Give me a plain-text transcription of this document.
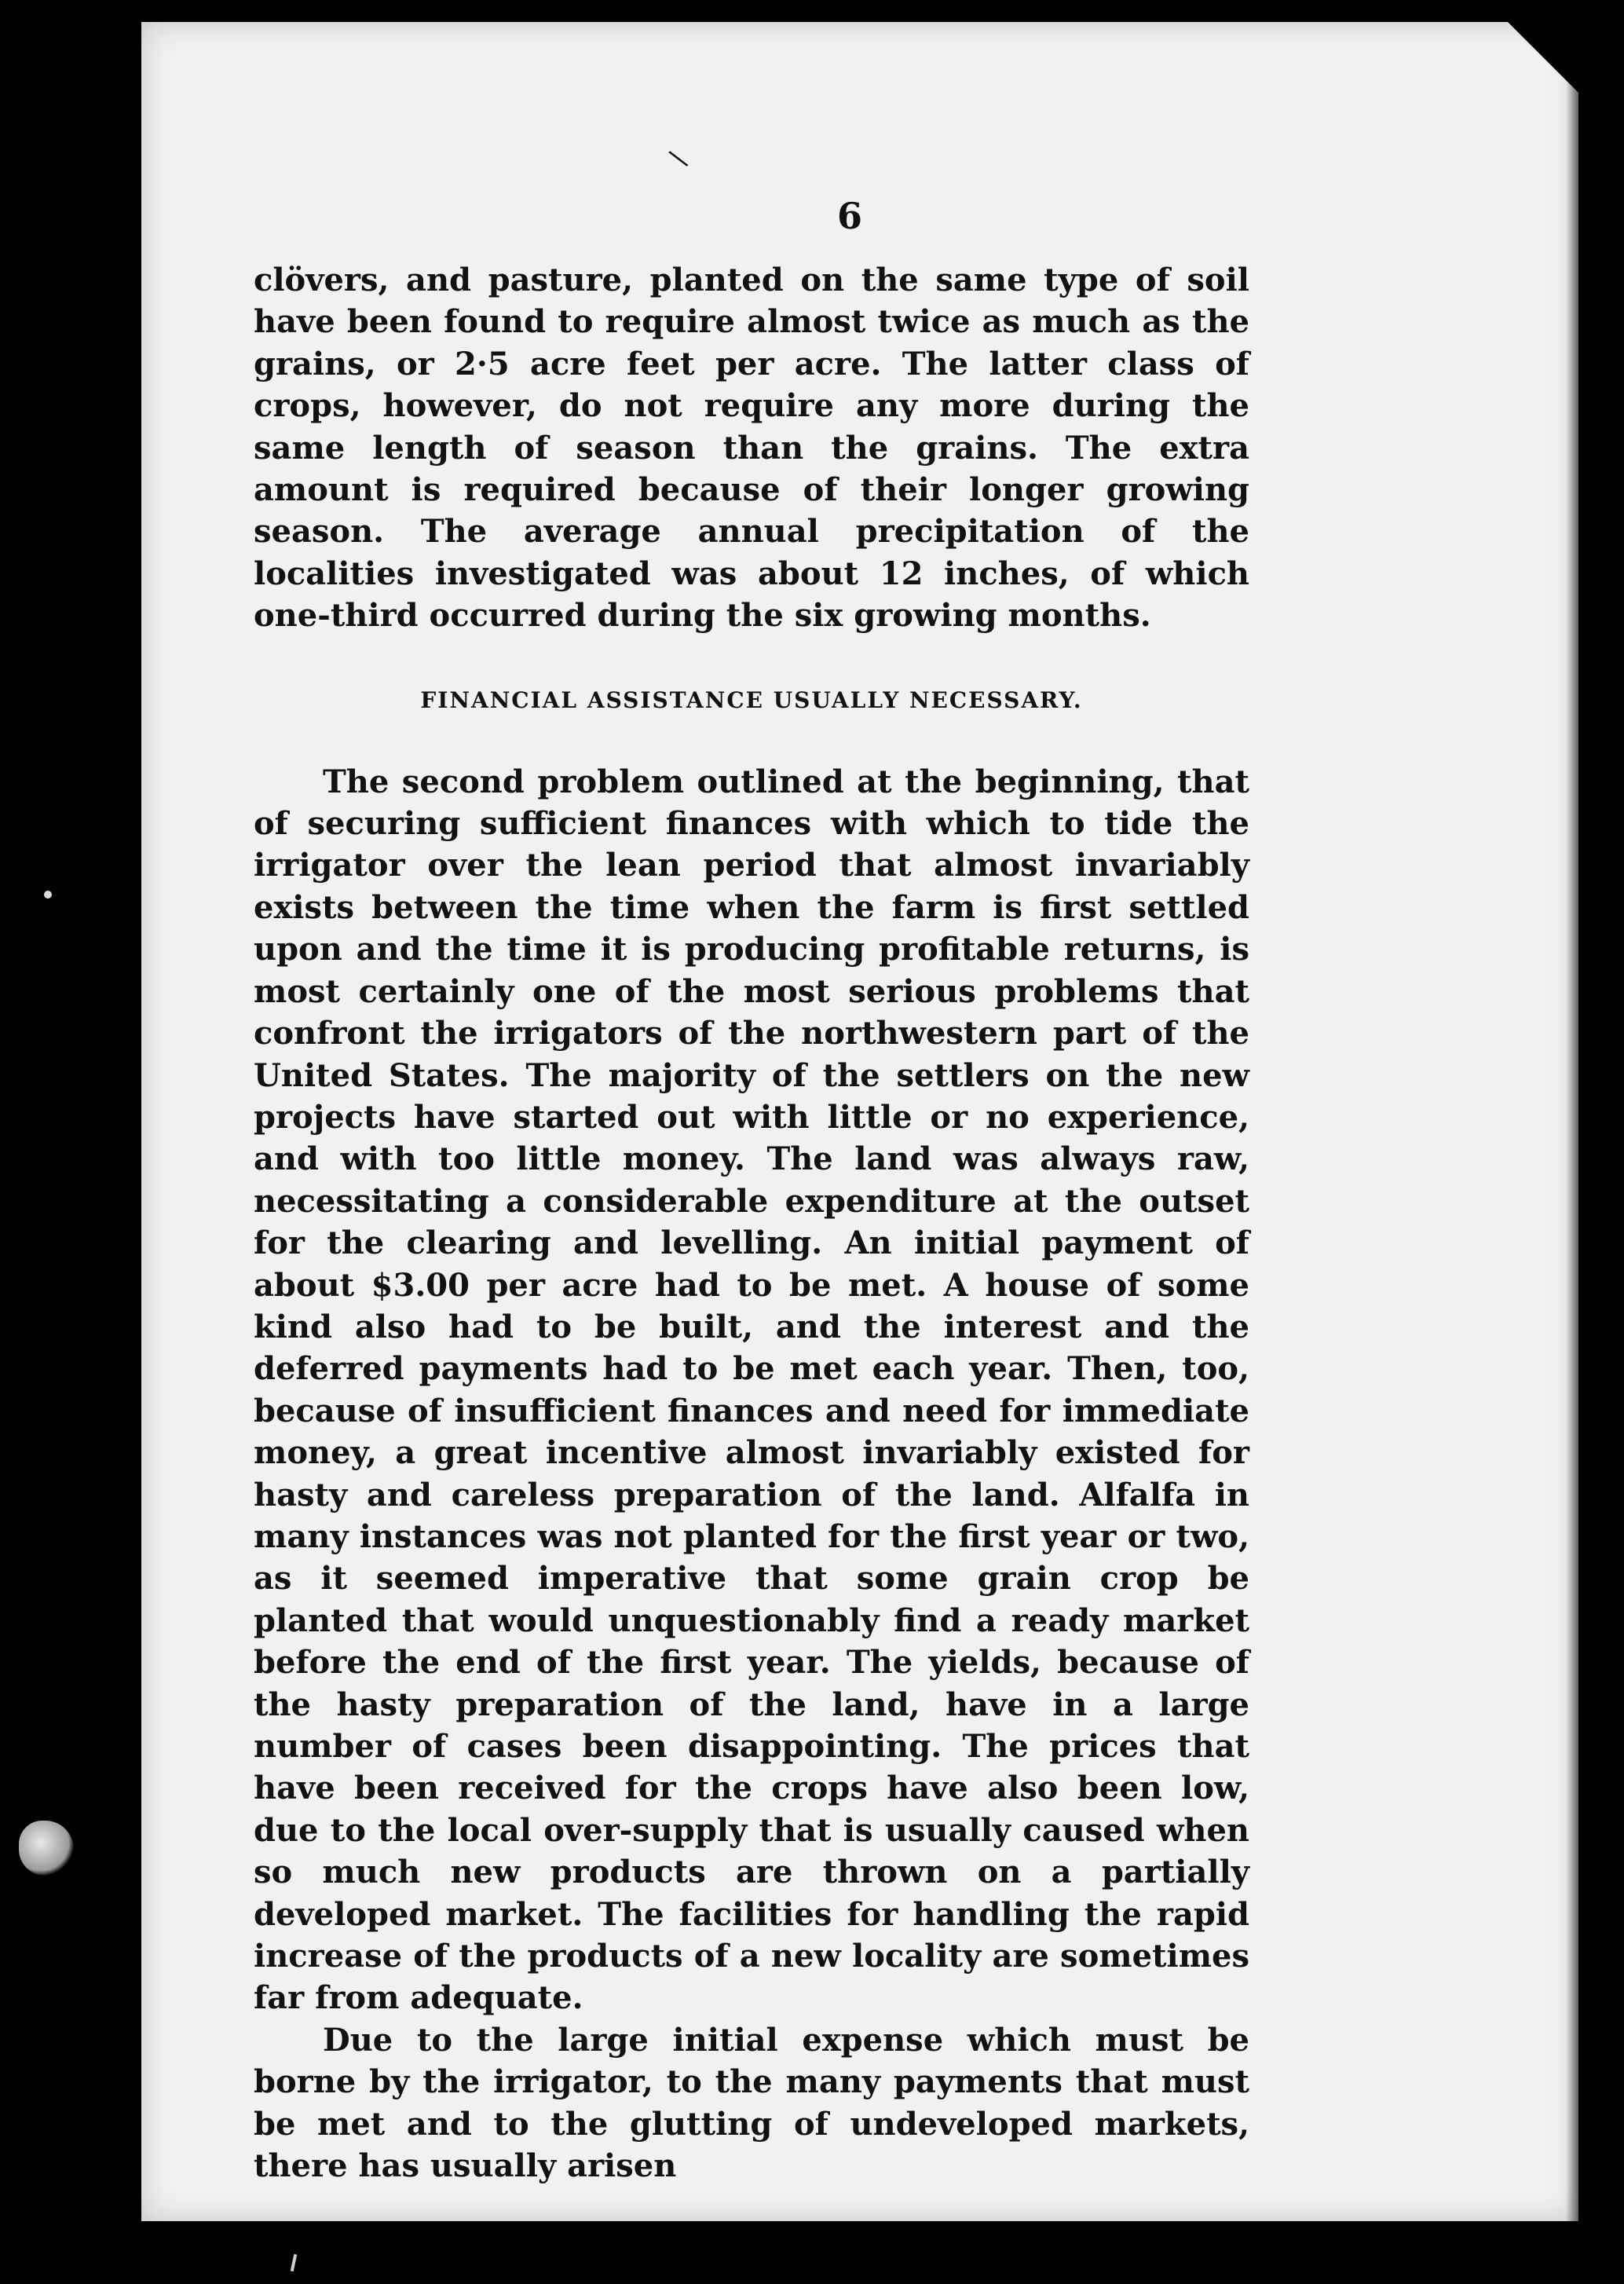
\
6

clövers, and pasture, planted on the same type of soil have been found to require almost twice as much as the grains, or 2·5 acre feet per acre. The latter class of crops, however, do not require any more during the same length of season than the grains. The extra amount is required because of their longer growing season. The average annual precipitation of the localities investigated was about 12 inches, of which one-third occurred during the six growing months.

FINANCIAL ASSISTANCE USUALLY NECESSARY.

The second problem outlined at the beginning, that of securing sufficient finances with which to tide the irrigator over the lean period that almost invariably exists between the time when the farm is first settled upon and the time it is producing profitable returns, is most certainly one of the most serious problems that confront the irrigators of the northwestern part of the United States. The majority of the settlers on the new projects have started out with little or no experience, and with too little money. The land was always raw, necessitating a considerable expenditure at the outset for the clearing and levelling. An initial payment of about $3.00 per acre had to be met. A house of some kind also had to be built, and the interest and the deferred payments had to be met each year. Then, too, because of insufficient finances and need for immediate money, a great incentive almost invariably existed for hasty and careless preparation of the land. Alfalfa in many instances was not planted for the first year or two, as it seemed imperative that some grain crop be planted that would unquestionably find a ready market before the end of the first year. The yields, because of the hasty preparation of the land, have in a large number of cases been disappointing. The prices that have been received for the crops have also been low, due to the local over-supply that is usually caused when so much new products are thrown on a partially developed market. The facilities for handling the rapid increase of the products of a new locality are sometimes far from adequate.

Due to the large initial expense which must be borne by the irrigator, to the many payments that must be met and to the glutting of undeveloped markets, there has usually arisen
